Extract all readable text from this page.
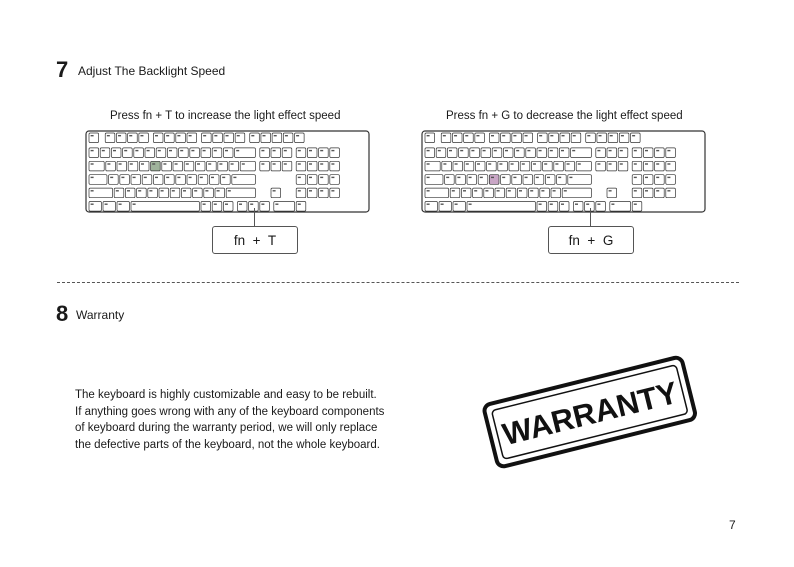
7 Adjust The Backlight Speed
Press fn + T to increase the light effect speed	Press fn + G to decrease the light effect speed
fn  +  T	fn  +  G
8 Warranty
The keyboard is highly customizable and easy to be rebuilt.
If anything goes wrong with any of the keyboard components
of keyboard during the warranty period, we will only replace
the defective parts of the keyboard, not the whole keyboard.	WARRANTY
7
